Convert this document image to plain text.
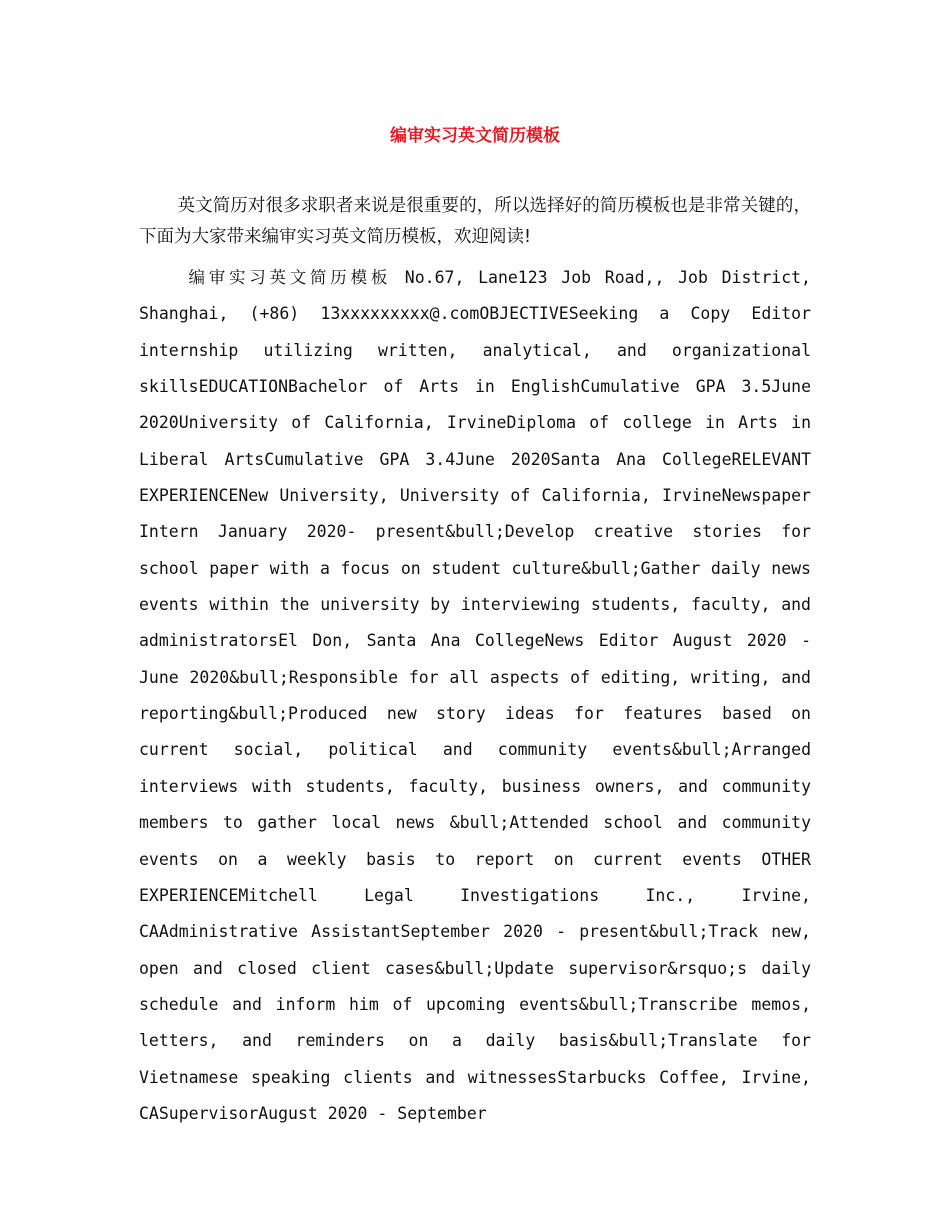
编审实习英文简历模板

英文简历对很多求职者来说是很重要的，所以选择好的简历模板也是非常关键的，下面为大家带来编审实习英文简历模板，欢迎阅读!

编审实习英文简历模板 No.67, Lane123 Job Road,, Job District, Shanghai, (+86) 13xxxxxxxxx@.comOBJECTIVESeeking a Copy Editor internship utilizing written, analytical, and organizational skillsEDUCATIONBachelor of Arts in EnglishCumulative GPA 3.5June 2020University of California, IrvineDiploma of college in Arts in Liberal ArtsCumulative GPA 3.4June 2020Santa Ana CollegeRELEVANT EXPERIENCENew University, University of California, IrvineNewspaper Intern January 2020- present&bull;Develop creative stories for school paper with a focus on student culture&bull;Gather daily news events within the university by interviewing students, faculty, and administratorsEl Don, Santa Ana CollegeNews Editor August 2020 - June 2020&bull;Responsible for all aspects of editing, writing, and reporting&bull;Produced new story ideas for features based on current social, political and community events&bull;Arranged interviews with students, faculty, business owners, and community members to gather local news &bull;Attended school and community events on a weekly basis to report on current events OTHER EXPERIENCEMitchell Legal Investigations Inc., Irvine, CAAdministrative AssistantSeptember 2020 - present&bull;Track new, open and closed client cases&bull;Update supervisor&rsquo;s daily schedule and inform him of upcoming events&bull;Transcribe memos, letters, and reminders on a daily basis&bull;Translate for Vietnamese speaking clients and witnessesStarbucks Coffee, Irvine, CASupervisorAugust 2020 - September
